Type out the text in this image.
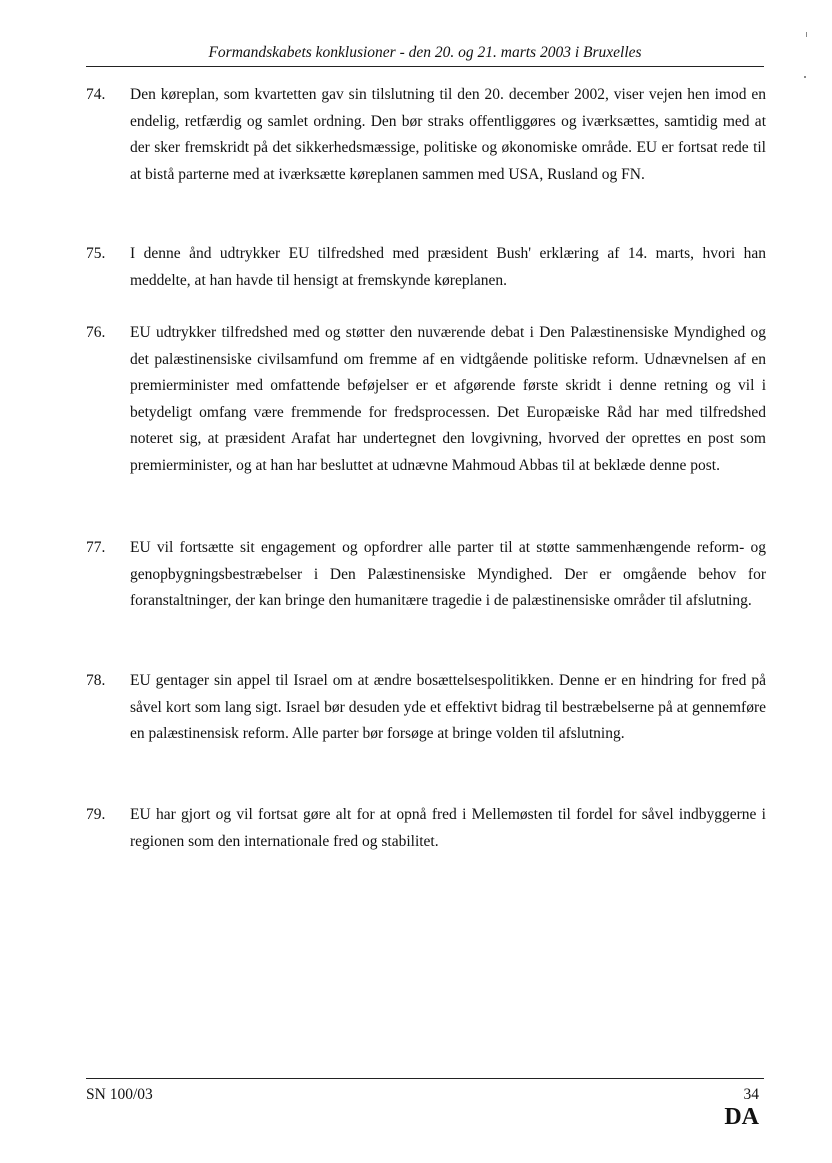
Formandskabets konklusioner - den 20. og 21. marts 2003 i Bruxelles
74.	Den køreplan, som kvartetten gav sin tilslutning til den 20. december 2002, viser vejen hen imod en endelig, retfærdig og samlet ordning. Den bør straks offentliggøres og iværksættes, samtidig med at der sker fremskridt på det sikkerhedsmæssige, politiske og økonomiske område. EU er fortsat rede til at bistå parterne med at iværksætte køreplanen sammen med USA, Rusland og FN.
75.	I denne ånd udtrykker EU tilfredshed med præsident Bush' erklæring af 14. marts, hvori han meddelte, at han havde til hensigt at fremskynde køreplanen.
76.	EU udtrykker tilfredshed med og støtter den nuværende debat i Den Palæstinensiske Myndighed og det palæstinensiske civilsamfund om fremme af en vidtgående politiske reform. Udnævnelsen af en premierminister med omfattende beføjelser er et afgørende første skridt i denne retning og vil i betydeligt omfang være fremmende for fredsprocessen. Det Europæiske Råd har med tilfredshed noteret sig, at præsident Arafat har undertegnet den lovgivning, hvorved der oprettes en post som premierminister, og at han har besluttet at udnævne Mahmoud Abbas til at beklæde denne post.
77.	EU vil fortsætte sit engagement og opfordrer alle parter til at støtte sammenhængende reform- og genopbygningsbestræbelser i Den Palæstinensiske Myndighed. Der er omgående behov for foranstaltninger, der kan bringe den humanitære tragedie i de palæstinensiske områder til afslutning.
78.	EU gentager sin appel til Israel om at ændre bosættelsespolitikken. Denne er en hindring for fred på såvel kort som lang sigt. Israel bør desuden yde et effektivt bidrag til bestræbelserne på at gennemføre en palæstinensisk reform. Alle parter bør forsøge at bringe volden til afslutning.
79.	EU har gjort og vil fortsat gøre alt for at opnå fred i Mellemøsten til fordel for såvel indbyggerne i regionen som den internationale fred og stabilitet.
SN 100/03	34
DA
